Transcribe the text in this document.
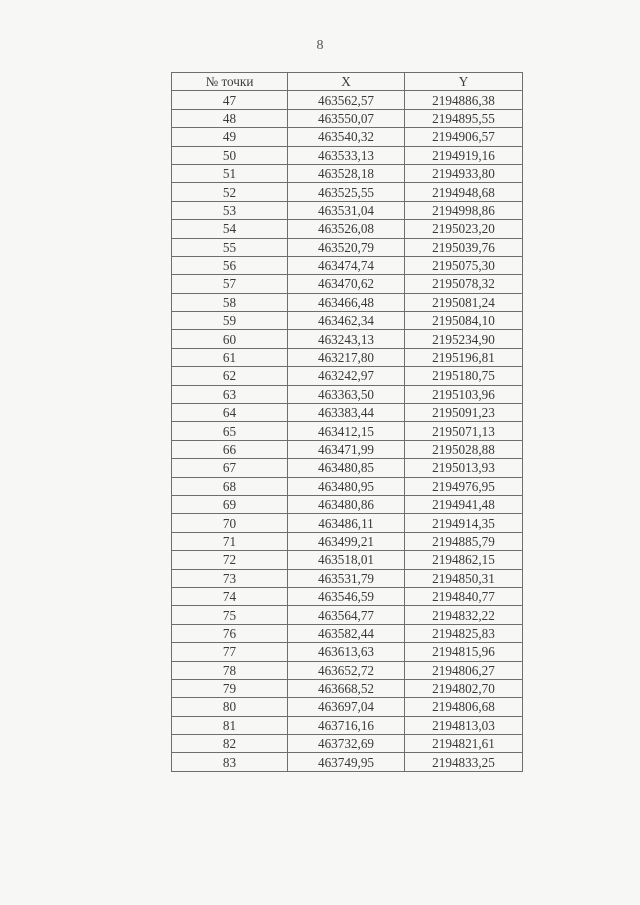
8
№ точки	X	Y
47	463562,57	2194886,38
48	463550,07	2194895,55
49	463540,32	2194906,57
50	463533,13	2194919,16
51	463528,18	2194933,80
52	463525,55	2194948,68
53	463531,04	2194998,86
54	463526,08	2195023,20
55	463520,79	2195039,76
56	463474,74	2195075,30
57	463470,62	2195078,32
58	463466,48	2195081,24
59	463462,34	2195084,10
60	463243,13	2195234,90
61	463217,80	2195196,81
62	463242,97	2195180,75
63	463363,50	2195103,96
64	463383,44	2195091,23
65	463412,15	2195071,13
66	463471,99	2195028,88
67	463480,85	2195013,93
68	463480,95	2194976,95
69	463480,86	2194941,48
70	463486,11	2194914,35
71	463499,21	2194885,79
72	463518,01	2194862,15
73	463531,79	2194850,31
74	463546,59	2194840,77
75	463564,77	2194832,22
76	463582,44	2194825,83
77	463613,63	2194815,96
78	463652,72	2194806,27
79	463668,52	2194802,70
80	463697,04	2194806,68
81	463716,16	2194813,03
82	463732,69	2194821,61
83	463749,95	2194833,25
